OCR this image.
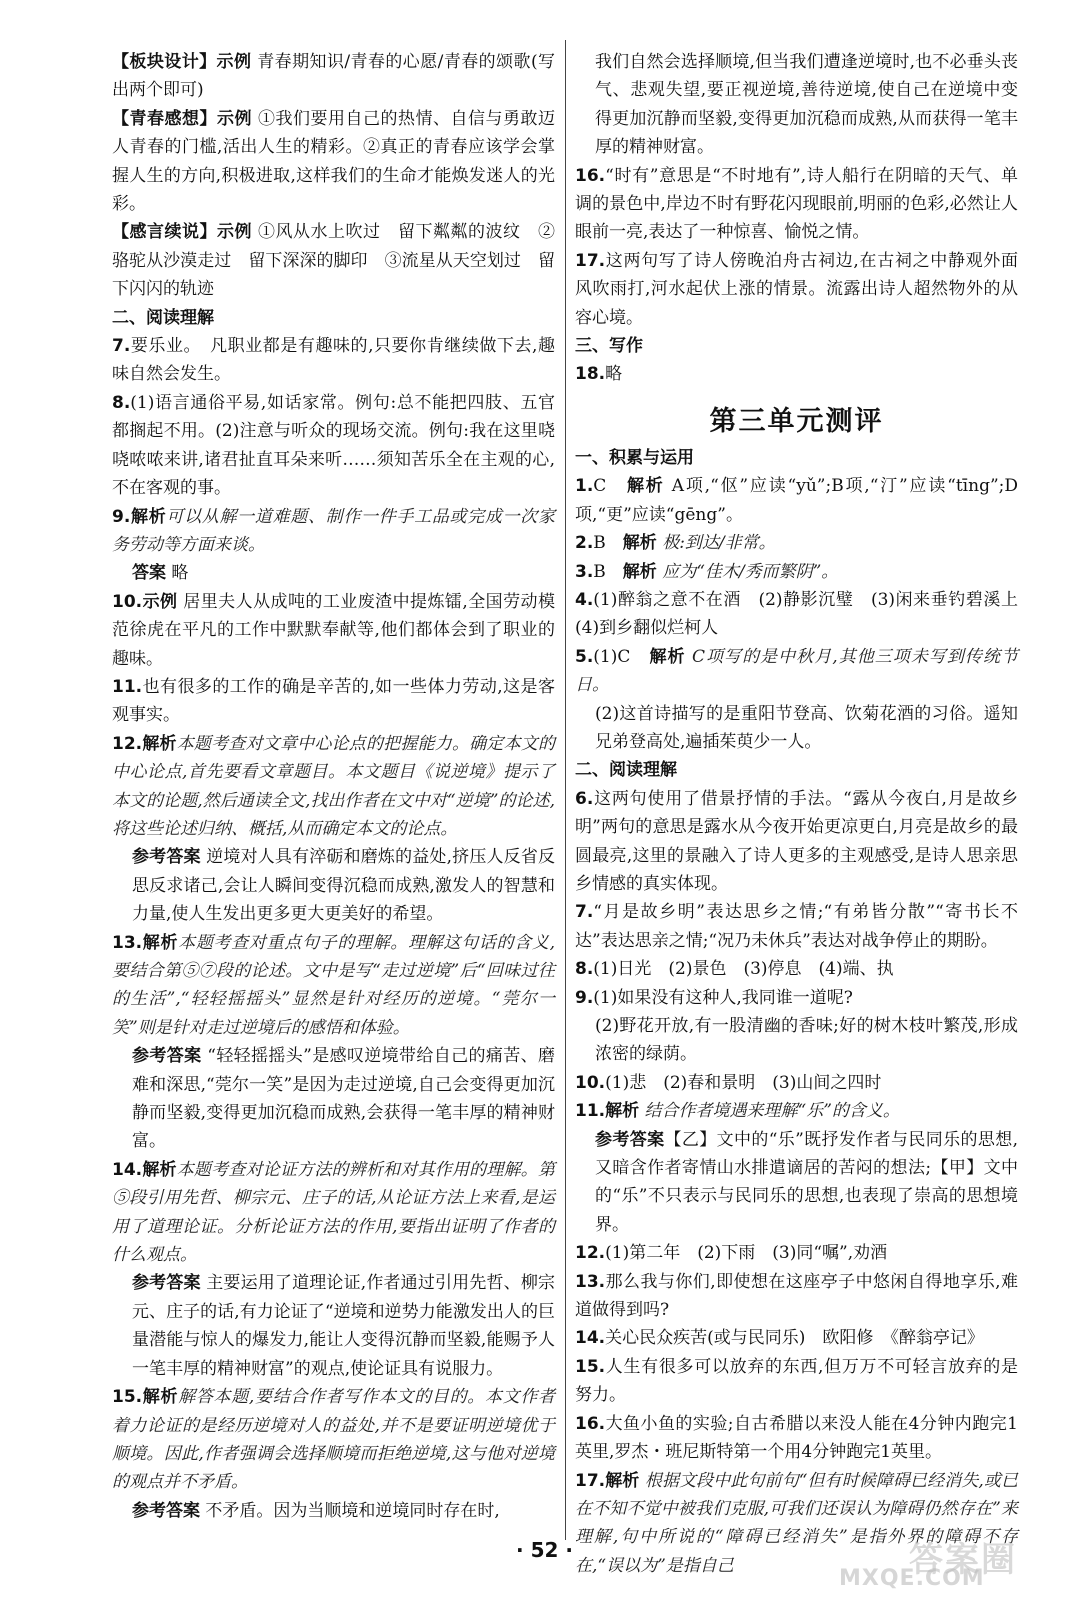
【板块设计】示例 青春期知识/青春的心愿/青春的颂歌(写出两个即可)
【青春感想】示例 ①我们要用自己的热情、自信与勇敢迈人青春的门槛,活出人生的精彩。②真正的青春应该学会掌握人生的方向,积极进取,这样我们的生命才能焕发迷人的光彩。
【感言续说】示例 ①风从水上吹过　留下粼粼的波纹　②骆驼从沙漠走过　留下深深的脚印　③流星从天空划过　留下闪闪的轨迹
二、阅读理解
7.要乐业。　凡职业都是有趣味的,只要你肯继续做下去,趣味自然会发生。
8.(1)语言通俗平易,如话家常。例句:总不能把四肢、五官都搁起不用。(2)注意与听众的现场交流。例句:我在这里哓哓哝哝来讲,诸君扯直耳朵来听……须知苦乐全在主观的心,不在客观的事。
9.解析可以从解一道难题、制作一件手工品或完成一次家务劳动等方面来谈。
答案 略
10.示例 居里夫人从成吨的工业废渣中提炼镭,全国劳动模范徐虎在平凡的工作中默默奉献等,他们都体会到了职业的趣味。
11.也有很多的工作的确是辛苦的,如一些体力劳动,这是客观事实。
12.解析本题考查对文章中心论点的把握能力。确定本文的中心论点,首先要看文章题目。本文题目《说逆境》提示了本文的论题,然后通读全文,找出作者在文中对“逆境”的论述,将这些论述归纳、概括,从而确定本文的论点。
参考答案 逆境对人具有淬砺和磨炼的益处,挤压人反省反思反求诸己,会让人瞬间变得沉稳而成熟,激发人的智慧和力量,使人生发出更多更大更美好的希望。
13.解析本题考查对重点句子的理解。理解这句话的含义,要结合第⑤⑦段的论述。文中是写“走过逆境”后“回味过往的生活”,“轻轻摇摇头”显然是针对经历的逆境。“莞尔一笑”则是针对走过逆境后的感悟和体验。
参考答案 “轻轻摇摇头”是感叹逆境带给自己的痛苦、磨难和深思,“莞尔一笑”是因为走过逆境,自己会变得更加沉静而坚毅,变得更加沉稳而成熟,会获得一笔丰厚的精神财富。
14.解析本题考查对论证方法的辨析和对其作用的理解。第⑤段引用先哲、柳宗元、庄子的话,从论证方法上来看,是运用了道理论证。分析论证方法的作用,要指出证明了作者的什么观点。
参考答案 主要运用了道理论证,作者通过引用先哲、柳宗元、庄子的话,有力论证了“逆境和逆势力能激发出人的巨量潜能与惊人的爆发力,能让人变得沉静而坚毅,能赐予人一笔丰厚的精神财富”的观点,使论证具有说服力。
15.解析解答本题,要结合作者写作本文的目的。本文作者着力论证的是经历逆境对人的益处,并不是要证明逆境优于顺境。因此,作者强调会选择顺境而拒绝逆境,这与他对逆境的观点并不矛盾。
参考答案 不矛盾。因为当顺境和逆境同时存在时,
我们自然会选择顺境,但当我们遭逢逆境时,也不必垂头丧气、悲观失望,要正视逆境,善待逆境,使自己在逆境中变得更加沉静而坚毅,变得更加沉稳而成熟,从而获得一笔丰厚的精神财富。
16.“时有”意思是“不时地有”,诗人船行在阴暗的天气、单调的景色中,岸边不时有野花闪现眼前,明丽的色彩,必然让人眼前一亮,表达了一种惊喜、愉悦之情。
17.这两句写了诗人傍晚泊舟古祠边,在古祠之中静观外面风吹雨打,河水起伏上涨的情景。流露出诗人超然物外的从容心境。
三、写作
18.略
第三单元测评
一、积累与运用
1.C　解析 A项,“伛”应读“yǔ”;B项,“汀”应读“tīng”;D项,“更”应读“gēng”。
2.B　解析 极:到达/非常。
3.B　解析 应为“佳木/秀而繁阴”。
4.(1)醉翁之意不在酒　(2)静影沉璧　(3)闲来垂钓碧溪上　(4)到乡翻似烂柯人
5.(1)C　解析 C项写的是中秋月,其他三项未写到传统节日。
(2)这首诗描写的是重阳节登高、饮菊花酒的习俗。遥知兄弟登高处,遍插茱萸少一人。
二、阅读理解
6.这两句使用了借景抒情的手法。“露从今夜白,月是故乡明”两句的意思是露水从今夜开始更凉更白,月亮是故乡的最圆最亮,这里的景融入了诗人更多的主观感受,是诗人思亲思乡情感的真实体现。
7.“月是故乡明”表达思乡之情;“有弟皆分散”“寄书长不达”表达思亲之情;“况乃未休兵”表达对战争停止的期盼。
8.(1)日光　(2)景色　(3)停息　(4)端、执
9.(1)如果没有这种人,我同谁一道呢?
(2)野花开放,有一股清幽的香味;好的树木枝叶繁茂,形成浓密的绿荫。
10.(1)悲　(2)春和景明　(3)山间之四时
11.解析 结合作者境遇来理解“乐”的含义。
参考答案【乙】文中的“乐”既抒发作者与民同乐的思想,又暗含作者寄情山水排遣谪居的苦闷的想法;【甲】文中的“乐”不只表示与民同乐的思想,也表现了崇高的思想境界。
12.(1)第二年　(2)下雨　(3)同“嘱”,劝酒
13.那么我与你们,即使想在这座亭子中悠闲自得地享乐,难道做得到吗?
14.关心民众疾苦(或与民同乐)　欧阳修　《醉翁亭记》
15.人生有很多可以放弃的东西,但万万不可轻言放弃的是努力。
16.大鱼小鱼的实验;自古希腊以来没人能在4分钟内跑完1英里,罗杰・班尼斯特第一个用4分钟跑完1英里。
17.解析 根据文段中此句前句“但有时候障碍已经消失,或已在不知不觉中被我们克服,可我们还误认为障碍仍然存在”来理解,句中所说的“障碍已经消失”是指外界的障碍不存在,“误以为”是指自己
· 52 ·	答案圈
MXQE.COM
